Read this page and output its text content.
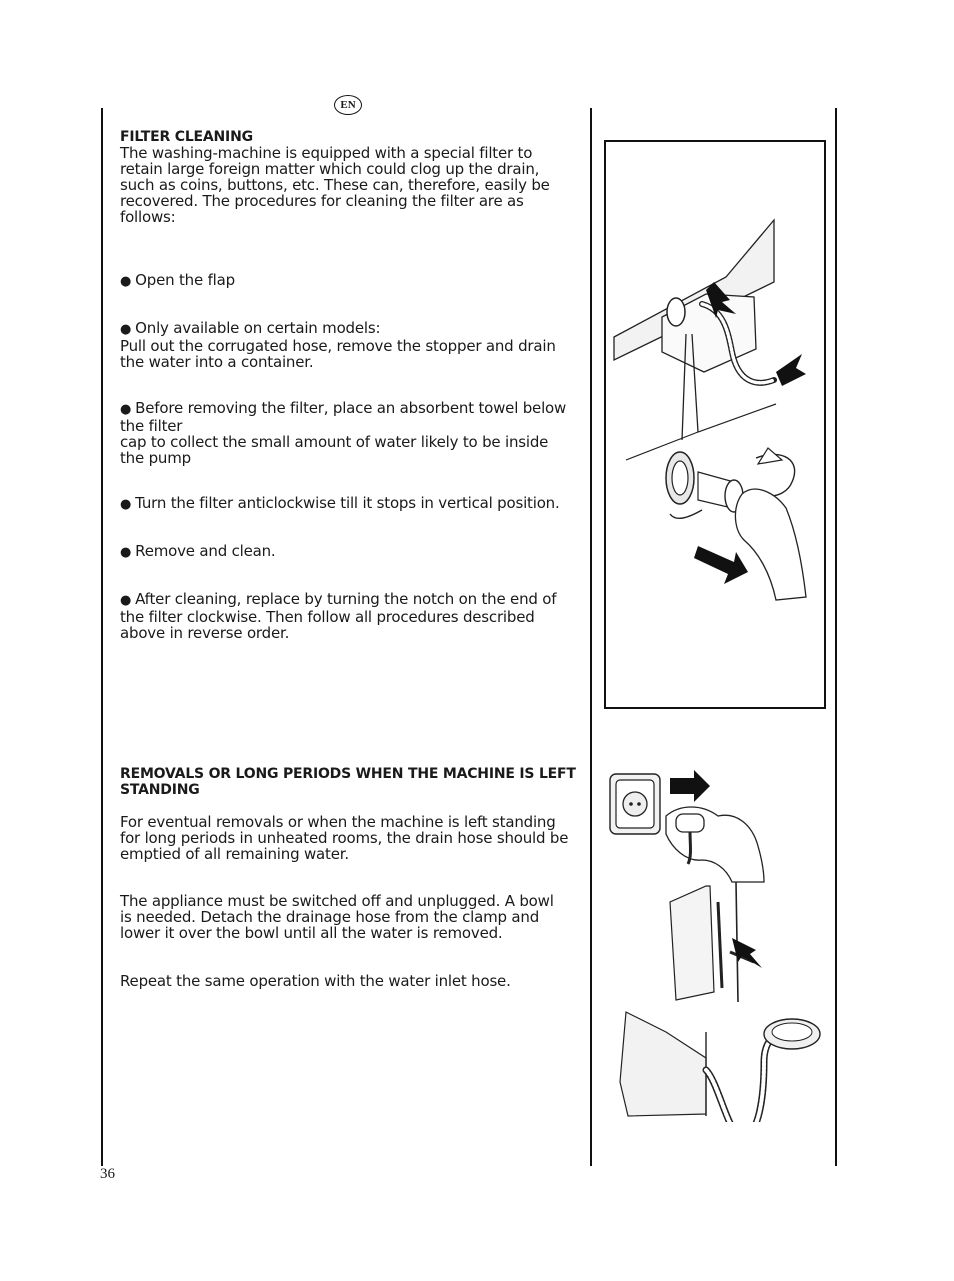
EN
FILTER CLEANING
The washing-machine is equipped with a special filter to
retain large foreign matter which could clog up the drain,
such as coins, buttons, etc. These can, therefore, easily be
recovered. The procedures for cleaning the filter are as
follows:
● Open the flap
● Only available on certain models:
Pull out the corrugated hose, remove the stopper and drain
the water into a container.
● Before removing the filter, place an absorbent towel below
the filter
cap to collect the small amount of water likely to be inside
the pump
● Turn the filter anticlockwise till it stops in vertical position.
● Remove and clean.
● After cleaning, replace by turning the notch on the end of
the filter clockwise. Then follow all procedures described
above in reverse order.
REMOVALS OR LONG PERIODS WHEN THE MACHINE IS LEFT
STANDING
For eventual removals or when the machine is left standing
for long periods in unheated rooms, the drain hose should be
emptied of all remaining water.
The appliance must be switched off and unplugged. A bowl
is needed. Detach the drainage hose from the clamp and
lower it over the bowl until all the water is removed.
Repeat the same operation with the water inlet hose.
36
